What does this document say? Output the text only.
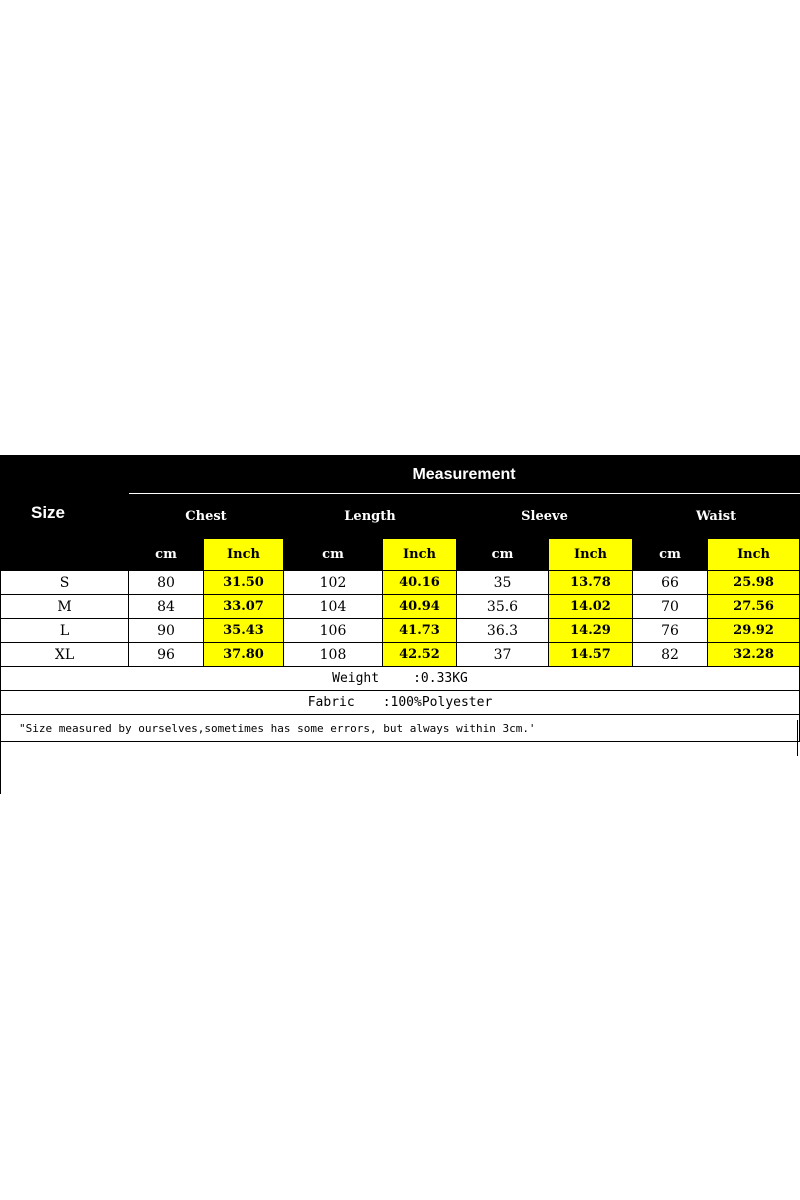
Size	Measurement							
	Chest		Length		Sleeve		Waist	
	cm	Inch	cm	Inch	cm	Inch	cm	Inch
S	80	31.50	102	40.16	35	13.78	66	25.98
M	84	33.07	104	40.94	35.6	14.02	70	27.56
L	90	35.43	106	41.73	36.3	14.29	76	29.92
XL	96	37.80	108	42.52	37	14.57	82	32.28
Weight :0.33KG								
Fabric :100%Polyester								
"Size measured by ourselves,sometimes has some errors, but always within 3cm.'								
